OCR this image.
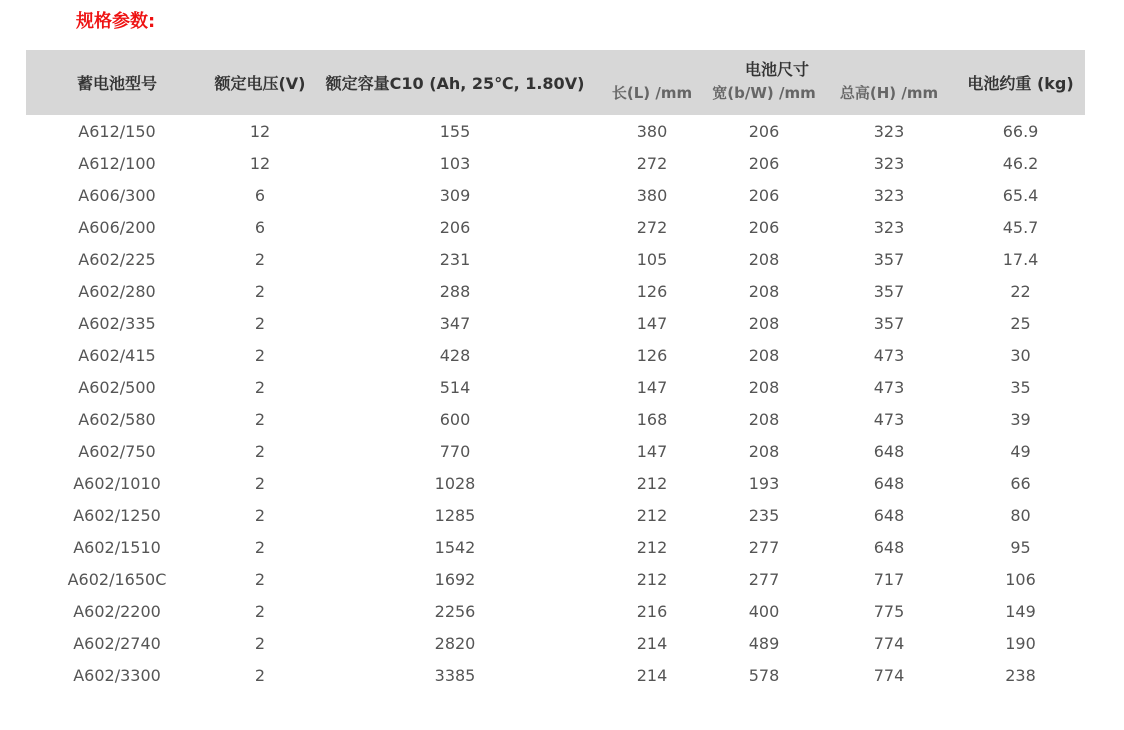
规格参数:
蓄电池型号	额定电压(V)	额定容量C10 (Ah, 25℃, 1.80V)	电池尺寸			电池约重 (kg)
			长(L) /mm	宽(b/W) /mm	总高(H) /mm	
A612/150	12	155	380	206	323	66.9
A612/100	12	103	272	206	323	46.2
A606/300	6	309	380	206	323	65.4
A606/200	6	206	272	206	323	45.7
A602/225	2	231	105	208	357	17.4
A602/280	2	288	126	208	357	22
A602/335	2	347	147	208	357	25
A602/415	2	428	126	208	473	30
A602/500	2	514	147	208	473	35
A602/580	2	600	168	208	473	39
A602/750	2	770	147	208	648	49
A602/1010	2	1028	212	193	648	66
A602/1250	2	1285	212	235	648	80
A602/1510	2	1542	212	277	648	95
A602/1650C	2	1692	212	277	717	106
A602/2200	2	2256	216	400	775	149
A602/2740	2	2820	214	489	774	190
A602/3300	2	3385	214	578	774	238
